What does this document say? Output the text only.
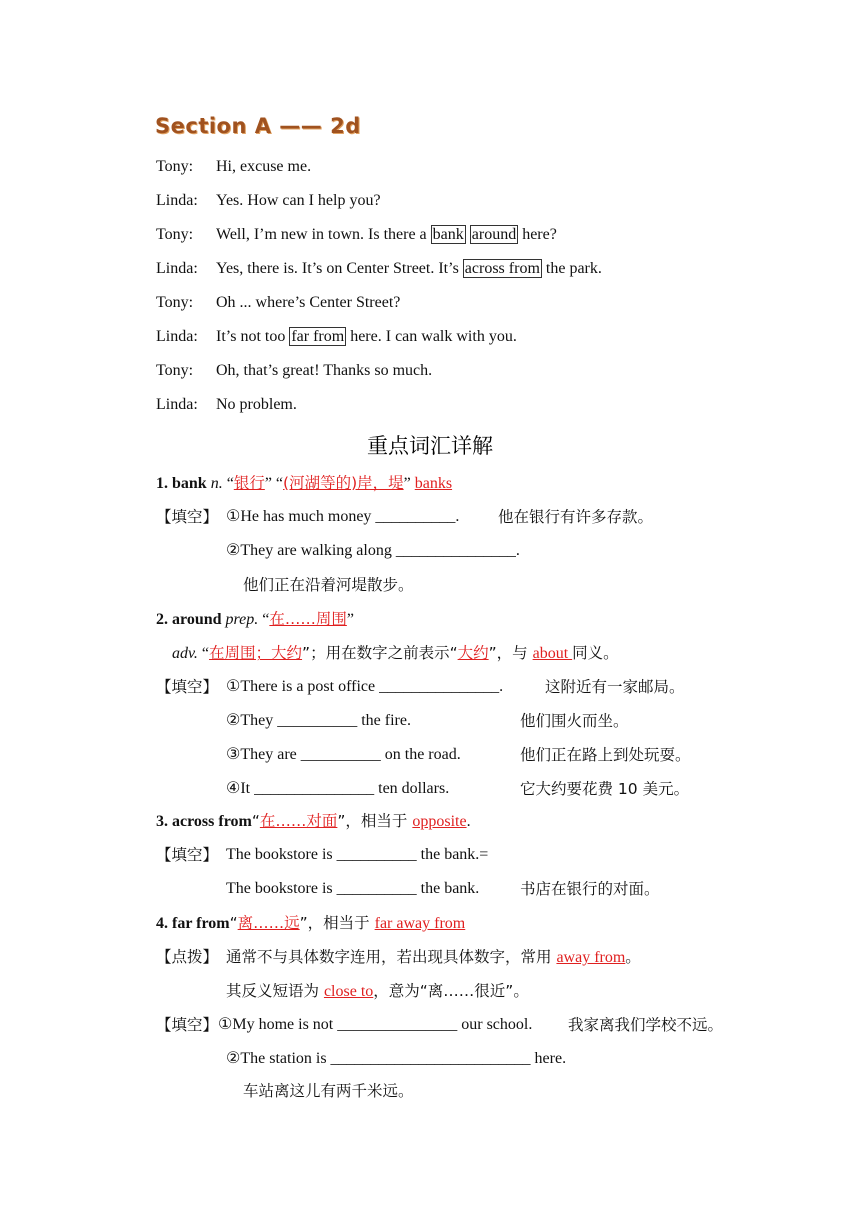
Section A —— 2d
Tony:	Hi, excuse me.
Linda:	Yes. How can I help you?
Tony:	Well, I’m new in town. Is there a bank around here?
Linda:	Yes, there is. It’s on Center Street. It’s across from the park.
Tony:	Oh ... where’s Center Street?
Linda:	It’s not too far from here. I can walk with you.
Tony:	Oh, that’s great! Thanks so much.
Linda:	No problem.
重点词汇详解
1. bank n. “银行” “(河湖等的)岸，堤” banks
【填空】 ①He has much money __________. 他在银行有许多存款。
②They are walking along _______________.
他们正在沿着河堤散步。
2. around prep. “在……周围”
adv. “在周围；大约”；用在数字之前表示“大约”，与 about 同义。
【填空】 ①There is a post office _______________.	这附近有一家邮局。
②They __________ the fire.	他们围火而坐。
③They are __________ on the road.	他们正在路上到处玩耍。
④It _______________ ten dollars.	它大约要花费 10 美元。
3. across from“在……对面”，相当于 opposite.
【填空】 The bookstore is __________ the bank.=
The bookstore is __________ the bank.	书店在银行的对面。
4. far from“离……远”，相当于 far away from
【点拨】 通常不与具体数字连用，若出现具体数字，常用 away from。
其反义短语为 close to，意为“离……很近”。
【填空】 ①My home is not _______________ our school. 我家离我们学校不远。
②The station is _________________________ here.
车站离这儿有两千米远。
